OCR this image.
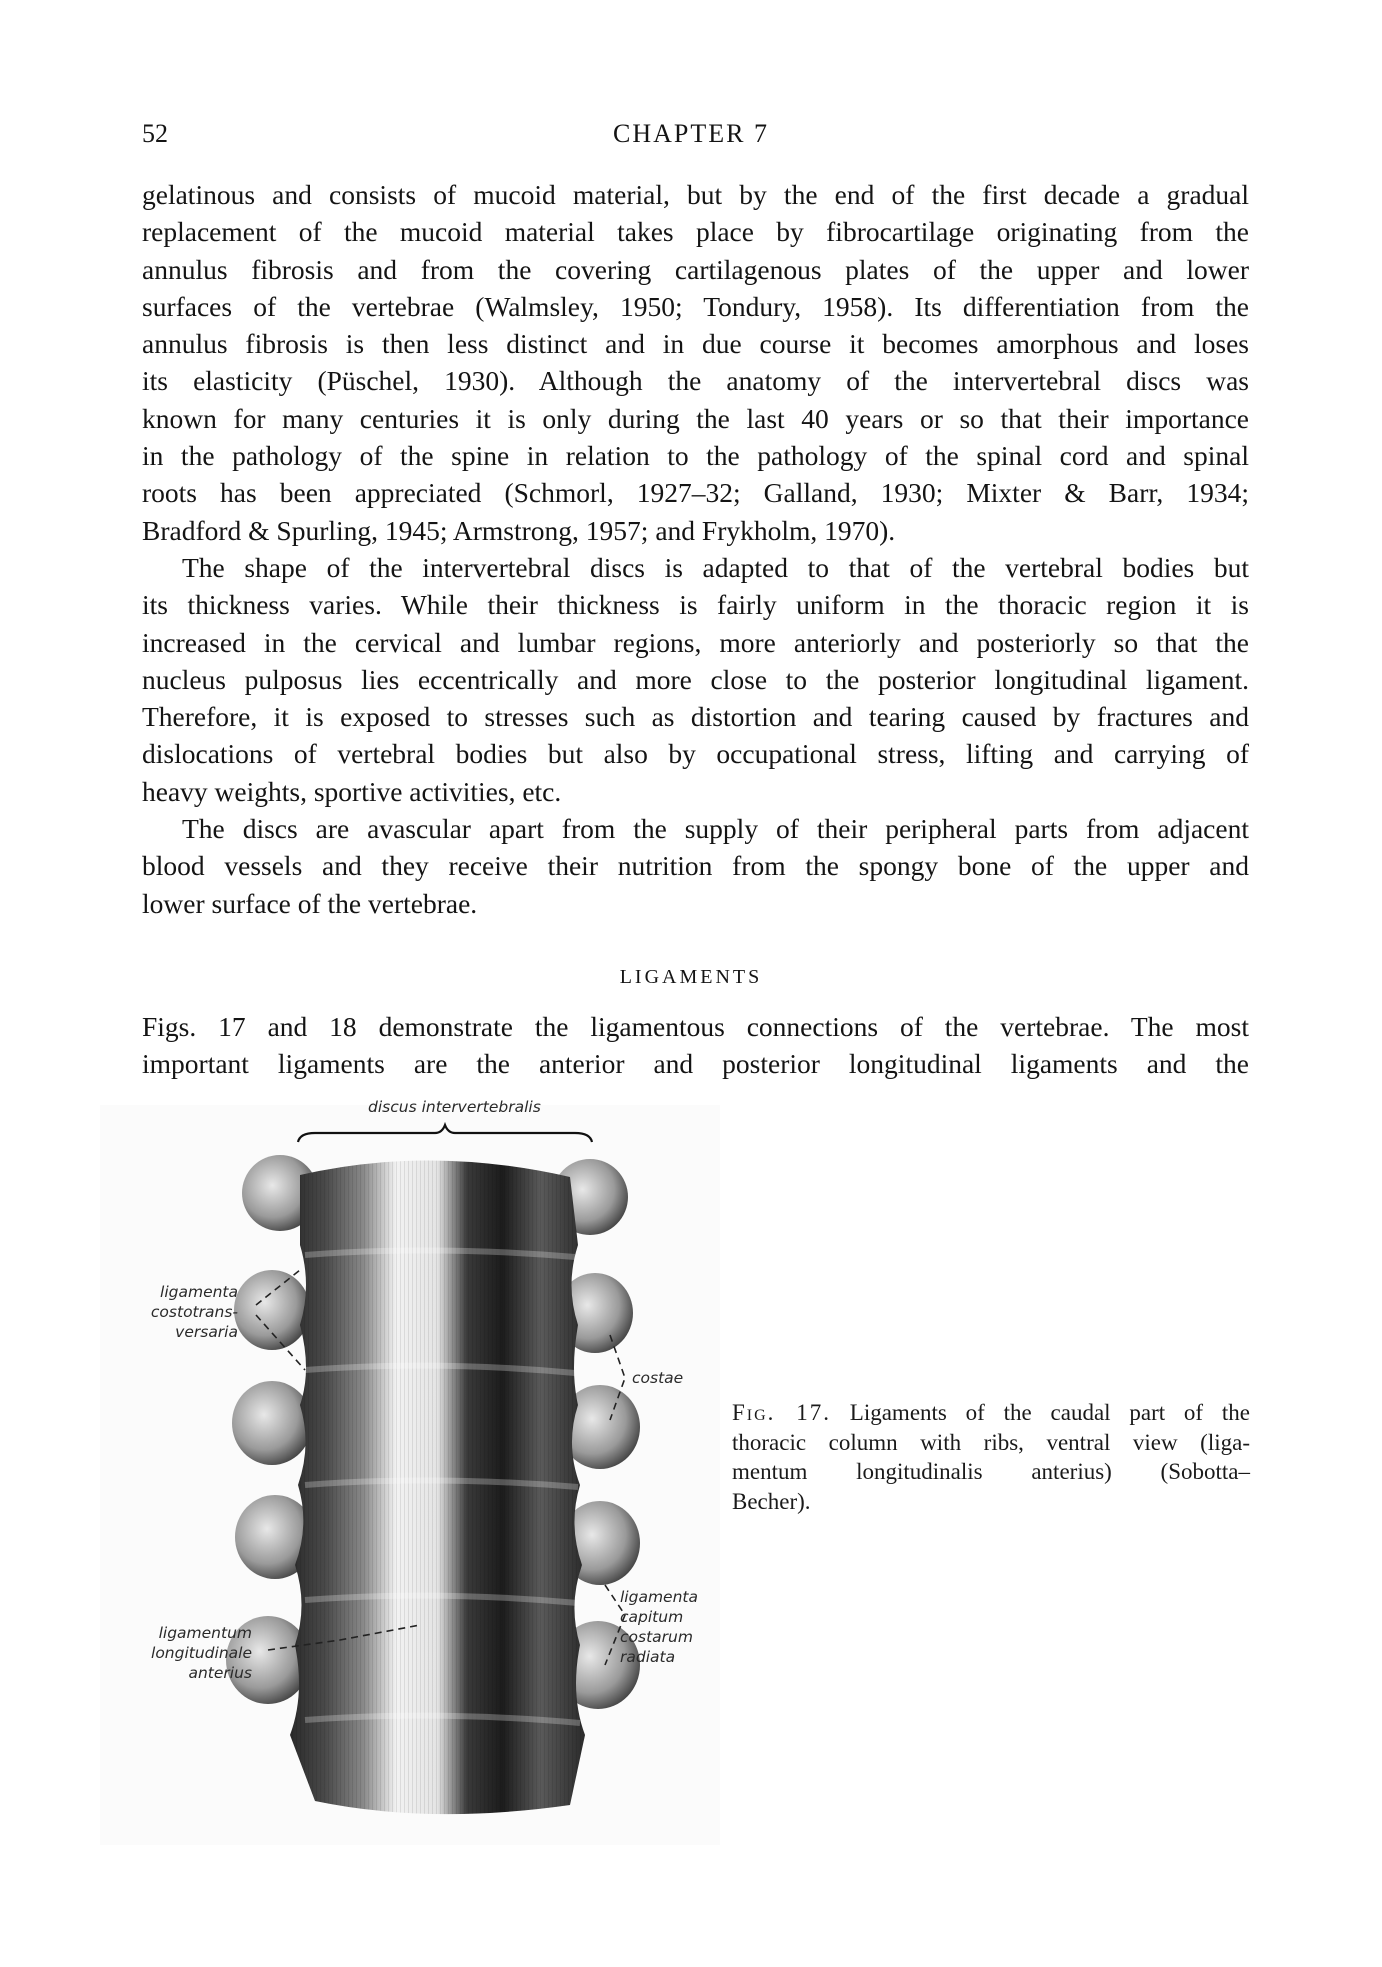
52	CHAPTER 7
gelatinous and consists of mucoid material, but by the end of the first decade a gradual
replacement of the mucoid material takes place by fibrocartilage originating from the
annulus fibrosis and from the covering cartilagenous plates of the upper and lower
surfaces of the vertebrae (Walmsley, 1950; Tondury, 1958). Its differentiation from the
annulus fibrosis is then less distinct and in due course it becomes amorphous and loses
its elasticity (Püschel, 1930). Although the anatomy of the intervertebral discs was
known for many centuries it is only during the last 40 years or so that their importance
in the pathology of the spine in relation to the pathology of the spinal cord and spinal
roots has been appreciated (Schmorl, 1927–32; Galland, 1930; Mixter & Barr, 1934;
Bradford & Spurling, 1945; Armstrong, 1957; and Frykholm, 1970).
The shape of the intervertebral discs is adapted to that of the vertebral bodies but
its thickness varies. While their thickness is fairly uniform in the thoracic region it is
increased in the cervical and lumbar regions, more anteriorly and posteriorly so that the
nucleus pulposus lies eccentrically and more close to the posterior longitudinal ligament.
Therefore, it is exposed to stresses such as distortion and tearing caused by fractures and
dislocations of vertebral bodies but also by occupational stress, lifting and carrying of
heavy weights, sportive activities, etc.
The discs are avascular apart from the supply of their peripheral parts from adjacent
blood vessels and they receive their nutrition from the spongy bone of the upper and
lower surface of the vertebrae.
LIGAMENTS
Figs. 17 and 18 demonstrate the ligamentous connections of the vertebrae. The most
important ligaments are the anterior and posterior longitudinal ligaments and the
discus intervertebralis
ligamenta
costotrans-
versaria
costae
ligamenta
capitum
costarum
radiata
ligamentum
longitudinale
anterius
Fig. 17. Ligaments of the caudal part of the
thoracic column with ribs, ventral view (liga-
mentum longitudinalis anterius) (Sobotta–
Becher).
